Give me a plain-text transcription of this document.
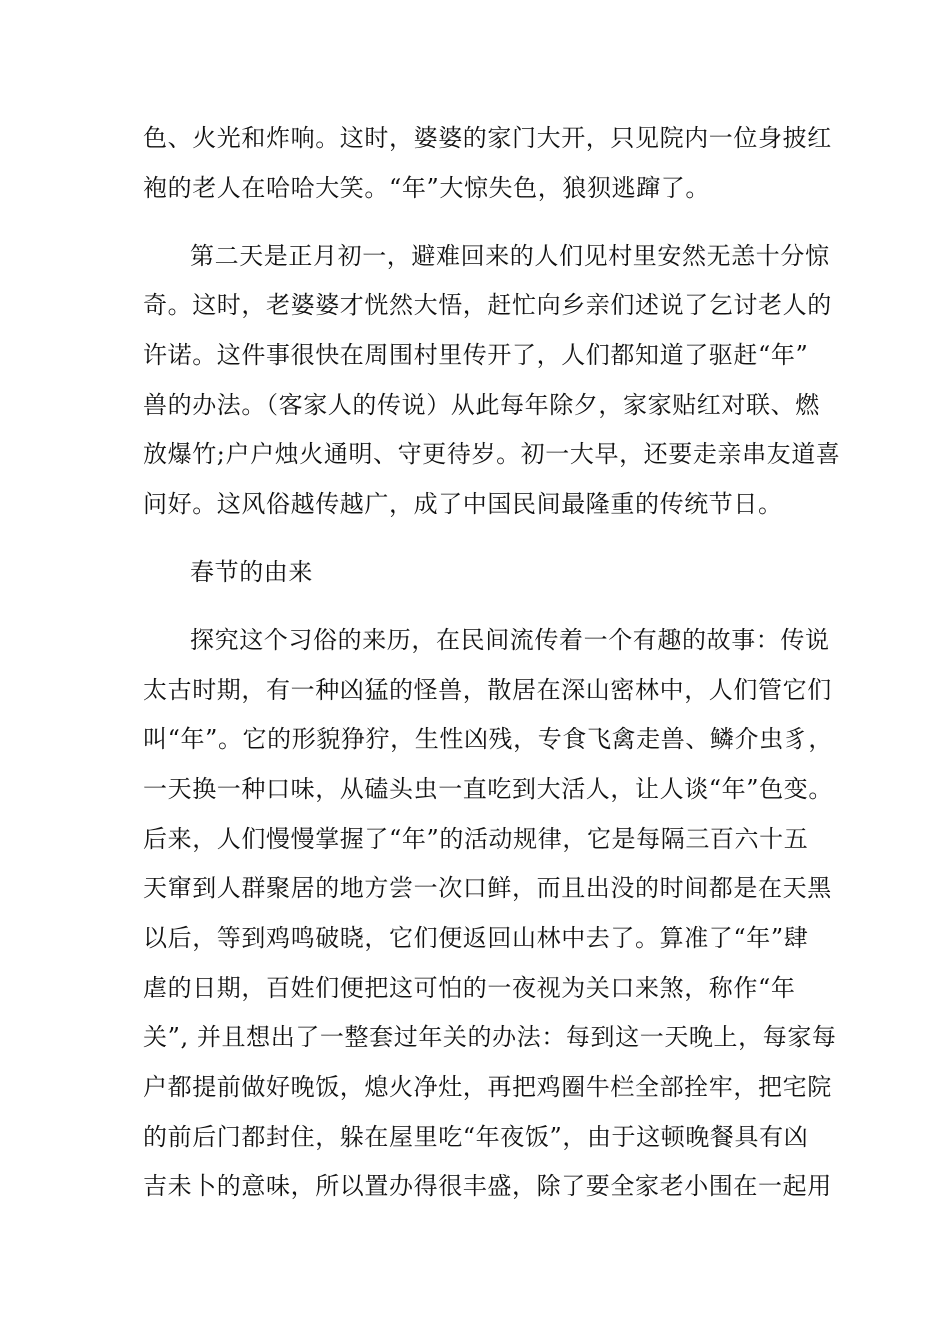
色、火光和炸响。这时，婆婆的家门大开，只见院内一位身披红
袍的老人在哈哈大笑。“年”大惊失色，狼狈逃蹿了。
第二天是正月初一，避难回来的人们见村里安然无恙十分惊
奇。这时，老婆婆才恍然大悟，赶忙向乡亲们述说了乞讨老人的
许诺。这件事很快在周围村里传开了，人们都知道了驱赶“年”
兽的办法。（客家人的传说）从此每年除夕，家家贴红对联、燃
放爆竹;户户烛火通明、守更待岁。初一大早，还要走亲串友道喜
问好。这风俗越传越广，成了中国民间最隆重的传统节日。
春节的由来
探究这个习俗的来历，在民间流传着一个有趣的故事：传说
太古时期，有一种凶猛的怪兽，散居在深山密林中，人们管它们
叫“年”。它的形貌狰狞，生性凶残，专食飞禽走兽、鳞介虫豸，
一天换一种口味，从磕头虫一直吃到大活人，让人谈“年”色变。
后来，人们慢慢掌握了“年”的活动规律，它是每隔三百六十五
天窜到人群聚居的地方尝一次口鲜，而且出没的时间都是在天黑
以后，等到鸡鸣破晓，它们便返回山林中去了。算准了“年”肆
虐的日期，百姓们便把这可怕的一夜视为关口来煞，称作“年
关”, 并且想出了一整套过年关的办法：每到这一天晚上，每家每
户都提前做好晚饭，熄火净灶，再把鸡圈牛栏全部拴牢，把宅院
的前后门都封住，躲在屋里吃“年夜饭”，由于这顿晚餐具有凶
吉未卜的意味，所以置办得很丰盛，除了要全家老小围在一起用
